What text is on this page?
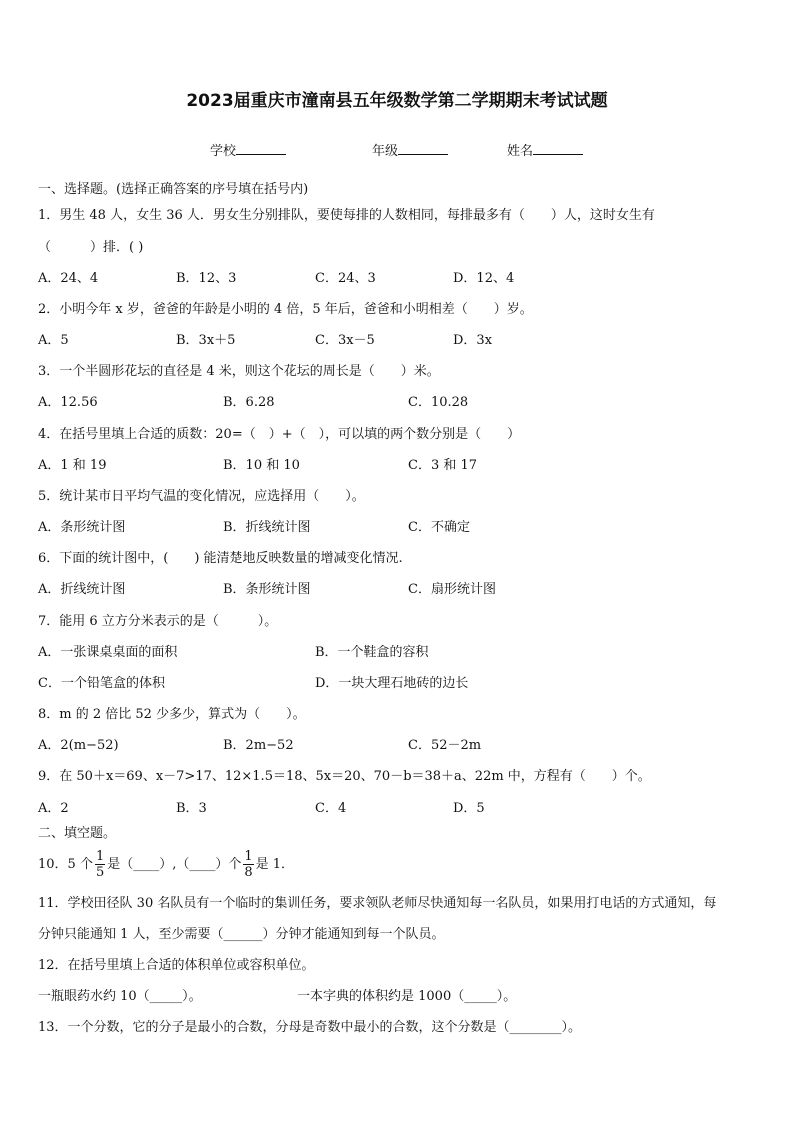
2023届重庆市潼南县五年级数学第二学期期末考试试题
学校	年级	姓名
一、选择题。(选择正确答案的序号填在括号内)
1．男生 48 人，女生 36 人．男女生分别排队，要使每排的人数相同，每排最多有（　　）人，这时女生有
（　　　）排．( )
A．24、4	B．12、3	C．24、3	D．12、4
2．小明今年 x 岁，爸爸的年龄是小明的 4 倍，5 年后，爸爸和小明相差（　　）岁。
A．5	B．3x＋5	C．3x－5	D．3x
3．一个半圆形花坛的直径是 4 米，则这个花坛的周长是（　　）米。
A．12.56	B．6.28	C．10.28
4．在括号里填上合适的质数：20=（　）+（　），可以填的两个数分别是（　　）
A．1 和 19	B．10 和 10	C．3 和 17
5．统计某市日平均气温的变化情况，应选择用（　　）。
A．条形统计图	B．折线统计图	C．不确定
6．下面的统计图中，(　　) 能清楚地反映数量的增减变化情况.
A．折线统计图	B．条形统计图	C．扇形统计图
7．能用 6 立方分米表示的是（　　　）。
A．一张课桌桌面的面积	B．一个鞋盒的容积
C．一个铅笔盒的体积	D．一块大理石地砖的边长
8．m 的 2 倍比 52 少多少，算式为（　　）。
A．2(m−52)	B．2m−52	C．52－2m
9．在 50＋x＝69、x－7>17、12×1.5＝18、5x＝20、70－b＝38＋a、22m 中，方程有（　　）个。
A．2	B．3	C．4	D．5
二、填空题。
10．5 个 $\frac{1}{5}$ 是（____）,（____）个 $\frac{1}{8}$ 是 1．
11．学校田径队 30 名队员有一个临时的集训任务，要求领队老师尽快通知每一名队员，如果用打电话的方式通知，每
分钟只能通知 1 人，至少需要（______）分钟才能通知到每一个队员。
12．在括号里填上合适的体积单位或容积单位。
一瓶眼药水约 10（_____）。	一本字典的体积约是 1000（_____）。
13．一个分数，它的分子是最小的合数，分母是奇数中最小的合数，这个分数是（________）。
